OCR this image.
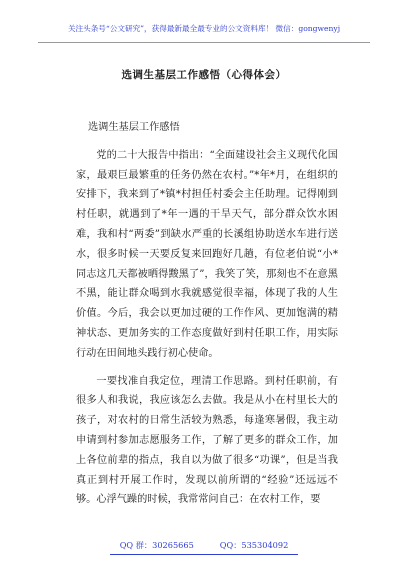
关注头条号“公文研究”，获得最新最全最专业的公文资料库！ 微信：gongwenyj
选调生基层工作感悟（心得体会）

选调生基层工作感悟

党的二十大报告中指出：“全面建设社会主义现代化国家，最艰巨最繁重的任务仍然在农村。”*年*月，在组织的安排下，我来到了*镇*村担任村委会主任助理。记得刚到村任职，就遇到了*年一遇的干旱天气，部分群众饮水困难，我和村“两委”到缺水严重的长溪组协助送水车进行送水，很多时候一天要反复来回跑好几趟，有位老伯说“小*同志这几天都被晒得黢黑了”，我笑了笑，那刻也不在意黑不黑，能让群众喝到水我就感觉很幸福，体现了我的人生价值。今后，我会以更加过硬的工作作风、更加饱满的精神状态、更加务实的工作态度做好到村任职工作，用实际行动在田间地头践行初心使命。

一要找准自我定位，理清工作思路。到村任职前，有很多人和我说，我应该怎么去做。我是从小在村里长大的孩子，对农村的日常生活较为熟悉，每逢寒暑假，我主动申请到村参加志愿服务工作，了解了更多的群众工作，加上各位前辈的指点，我自以为做了很多“功课”，但是当我真正到村开展工作时，发现以前所谓的“经验”还远远不够。心浮气躁的时候，我常常问自己：在农村工作，要

QQ 群：30265665	QQ：535304092
